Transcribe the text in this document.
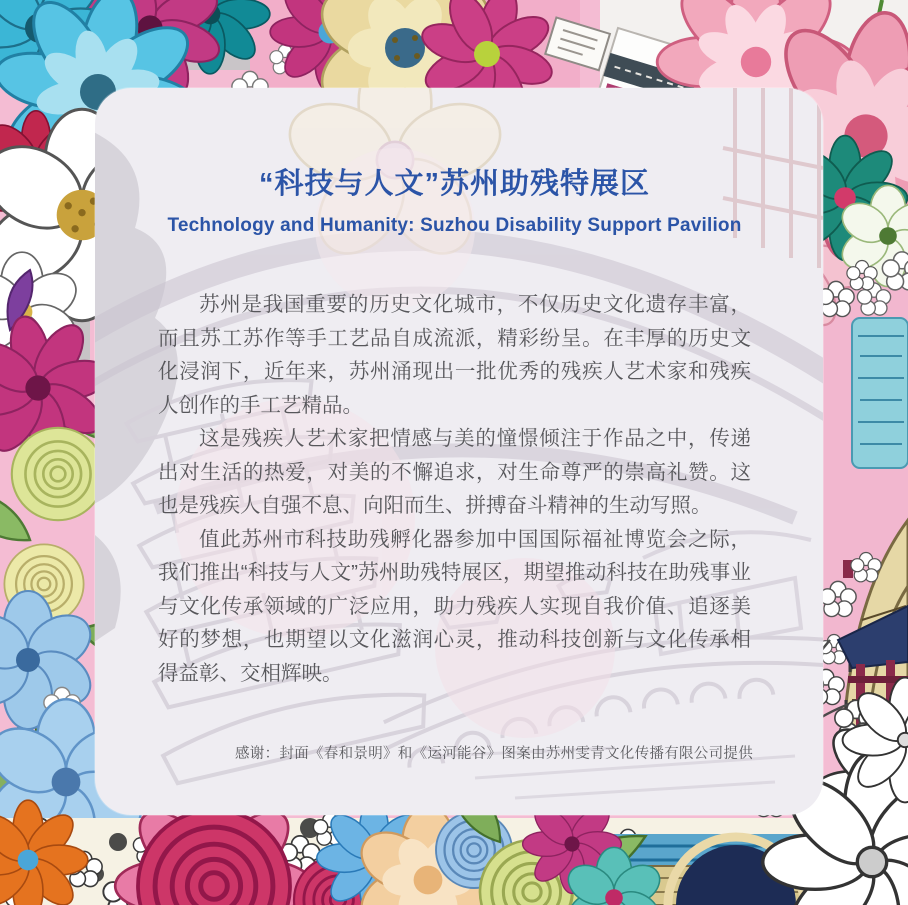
“科技与人文”苏州助残特展区
Technology and Humanity: Suzhou Disability Support Pavilion

苏州是我国重要的历史文化城市，不仅历史文化遗存丰富，而且苏工苏作等手工艺品自成流派，精彩纷呈。在丰厚的历史文化浸润下，近年来，苏州涌现出一批优秀的残疾人艺术家和残疾人创作的手工艺精品。

这是残疾人艺术家把情感与美的憧憬倾注于作品之中，传递出对生活的热爱，对美的不懈追求，对生命尊严的崇高礼赞。这也是残疾人自强不息、向阳而生、拼搏奋斗精神的生动写照。

值此苏州市科技助残孵化器参加中国国际福祉博览会之际，我们推出“科技与人文”苏州助残特展区，期望推动科技在助残事业与文化传承领域的广泛应用，助力残疾人实现自我价值、追逐美好的梦想，也期望以文化滋润心灵，推动科技创新与文化传承相得益彰、交相辉映。

感谢：封面《春和景明》和《运河能谷》图案由苏州雯青文化传播有限公司提供
